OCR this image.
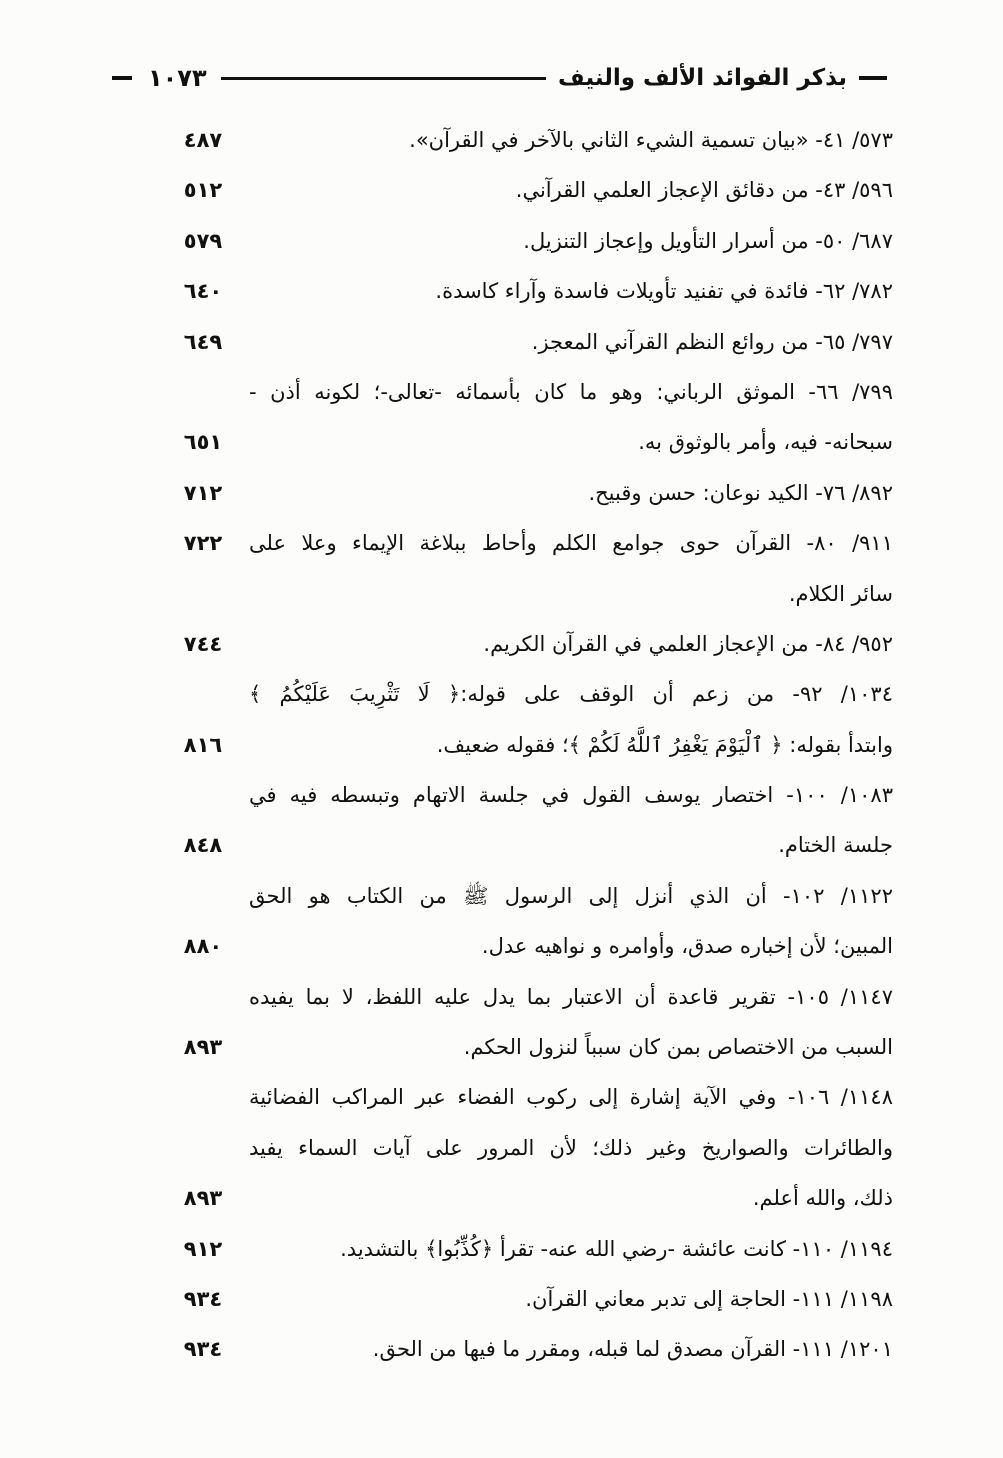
١٠٧٣	بذكر الفوائد الألف والنيف
٥٧٣/ ٤١- «بيان تسمية الشيء الثاني بالآخر في القرآن».
٤٨٧
٥٩٦/ ٤٣- من دقائق الإعجاز العلمي القرآني.
٥١٢
٦٨٧/ ٥٠- من أسرار التأويل وإعجاز التنزيل.
٥٧٩
٧٨٢/ ٦٢- فائدة في تفنيد تأويلات فاسدة وآراء كاسدة.
٦٤٠
٧٩٧/ ٦٥- من روائع النظم القرآني المعجز.
٦٤٩
٧٩٩/ ٦٦- الموثق الرباني: وهو ما كان بأسمائه -تعالى-؛ لكونه أذن -
سبحانه- فيه، وأمر بالوثوق به.
٦٥١
٨٩٢/ ٧٦- الكيد نوعان: حسن وقبيح.
٧١٢
٩١١/ ٨٠- القرآن حوى جوامع الكلم وأحاط ببلاغة الإيماء وعلا على
٧٢٢
سائر الكلام.
٩٥٢/ ٨٤- من الإعجاز العلمي في القرآن الكريم.
٧٤٤
١٠٣٤/ ٩٢- من زعم أن الوقف على قوله:﴿ لَا تَثْرِيبَ عَلَيْكُمُ ﴾
وابتدأ بقوله: ﴿ ٱلْيَوْمَ يَغْفِرُ ٱللَّهُ لَكُمْ ﴾؛ فقوله ضعيف.
٨١٦
١٠٨٣/ ١٠٠- اختصار يوسف القول في جلسة الاتهام وتبسطه فيه في
جلسة الختام.
٨٤٨
١١٢٢/ ١٠٢- أن الذي أنزل إلى الرسول ﷺ من الكتاب هو الحق
المبين؛ لأن إخباره صدق، وأوامره و نواهيه عدل.
٨٨٠
١١٤٧/ ١٠٥- تقرير قاعدة أن الاعتبار بما يدل عليه اللفظ، لا بما يفيده
السبب من الاختصاص بمن كان سبباً لنزول الحكم.
٨٩٣
١١٤٨/ ١٠٦- وفي الآية إشارة إلى ركوب الفضاء عبر المراكب الفضائية
والطائرات والصواريخ وغير ذلك؛ لأن المرور على آيات السماء يفيد
ذلك، والله أعلم.
٨٩٣
١١٩٤/ ١١٠- كانت عائشة -رضي الله عنه- تقرأ ﴿كُذِّبُوا﴾ بالتشديد.
٩١٢
١١٩٨/ ١١١- الحاجة إلى تدبر معاني القرآن.
٩٣٤
١٢٠١/ ١١١- القرآن مصدق لما قبله، ومقرر ما فيها من الحق.
٩٣٤
